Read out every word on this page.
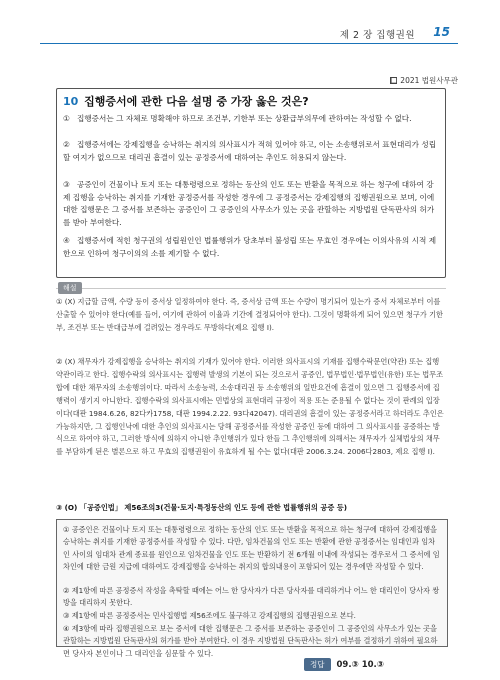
제 2 장 집행권원 15
■ 2021 법원사무관
10 집행증서에 관한 다음 설명 중 가장 옳은 것은?
① 집행증서는 그 자체로 명확해야 하므로 조건부, 기한부 또는 상환급부의무에 관하여는 작성할 수 없다.
② 집행증서에는 강제집행을 승낙하는 취지의 의사표시가 적혀 있어야 하고, 이는 소송행위로서 표현대리가 성립할 여지가 없으므로 대리권 흠결이 있는 공정증서에 대하여는 추인도 허용되지 않는다.
③ 공증인이 건물이나 토지 또는 대통령령으로 정하는 동산의 인도 또는 반환을 목적으로 하는 청구에 대하여 강제 집행을 승낙하는 취지를 기재한 공정증서를 작성한 경우에 그 공정증서는 강제집행의 집행권원으로 보며, 이에 대한 집행문은 그 증서를 보존하는 공증인이 그 공증인의 사무소가 있는 곳을 관할하는 지방법원 단독판사의 허가를 받아 부여한다.
④ 집행증서에 적힌 청구권의 성립원인인 법률행위가 당초부터 불성립 또는 무효인 경우에는 이의사유의 시적 제한으로 인하여 청구이의의 소를 제기할 수 없다.
해설
① (X) 지급할 금액, 수량 등이 증서상 일정하여야 한다. 즉, 증서상 금액 또는 수량이 명기되어 있는가 증서 자체로부터 이를 산출할 수 있어야 한다(예를 들어, 여기에 관하여 이율과 기간에 결정되어야 한다). 그것이 명확하게 되어 있으면 청구가 기한부, 조건부 또는 반대급부에 걸려있는 경우라도 무방하다(제요 집행 I).
② (X) 채무자가 강제집행을 승낙하는 취지의 기재가 있어야 한다. 이러한 의사표시의 기재를 집행수락문언(약관) 또는 집행약관이라고 한다. 집행수락의 의사표시는 집행력 발생의 기본이 되는 것으로서 공증인, 법무법인·법무법인(유한) 또는 법무조합에 대한 채무자의 소송행위이다. 따라서 소송능력, 소송대리권 등 소송행위의 일반요건에 흠결이 있으면 그 집행증서에 집행력이 생기지 아니한다. 집행수락의 의사표시에는 민법상의 표현대리 규정이 적용 또는 준용될 수 없다는 것이 판례의 입장이다(대판 1984.6.26, 82다카1758, 대판 1994.2.22. 93다42047). 대리권의 흠결이 있는 공정증서라고 하더라도 추인은 가능하지만, 그 집행인낙에 대한 추인의 의사표시는 당해 공정증서를 작성한 공증인 등에 대하여 그 의사표시를 공증하는 방식으로 하여야 하고, 그러한 방식에 의하지 아니한 추인행위가 있다 한들 그 추인행위에 의해서는 채무자가 실체법상의 채무를 부담하게 된은 별론으로 하고 무효의 집행권원이 유효하게 될 수는 없다(대판 2006.3.24. 2006다2803, 제요 집행 I).
③ (O) 「공증인법」 제56조의3(건물·토지·특정동산의 인도 등에 관한 법률행위의 공증 등)
① 공증인은 건물이나 토지 또는 대통령령으로 정하는 동산의 인도 또는 반환을 목적으로 하는 청구에 대하여 강제집행을 승낙하는 취지를 기재한 공정증서를 작성할 수 있다. 다만, 임차건물의 인도 또는 반환에 관한 공정증서는 임대인과 임차인 사이의 임대차 관계 종료를 원인으로 임차건물을 인도 또는 반환하기 전 6개월 이내에 작성되는 경우로서 그 증서에 임차인에 대한 금원 지급에 대하여도 강제집행을 승낙하는 취지의 합의내용이 포함되어 있는 경우에만 작성할 수 있다.
② 제1항에 따른 공정증서 작성을 촉탁할 때에는 어느 한 당사자가 다른 당사자를 대리하거나 어느 한 대리인이 당사자 쌍방을 대리하지 못한다.
③ 제1항에 따른 공정증서는 민사집행법 제56조에도 불구하고 강제집행의 집행권원으로 본다.
④ 제3항에 따라 집행권원으로 보는 증서에 대한 집행문은 그 증서를 보존하는 공증인이 그 공증인의 사무소가 있는 곳을 관할하는 지방법원 단독판사의 허가를 받아 부여한다. 이 경우 지방법원 단독판사는 허가 여부를 결정하기 위하여 필요하면 당사자 본인이나 그 대리인을 심문할 수 있다.
정답	09.③ 10.③
